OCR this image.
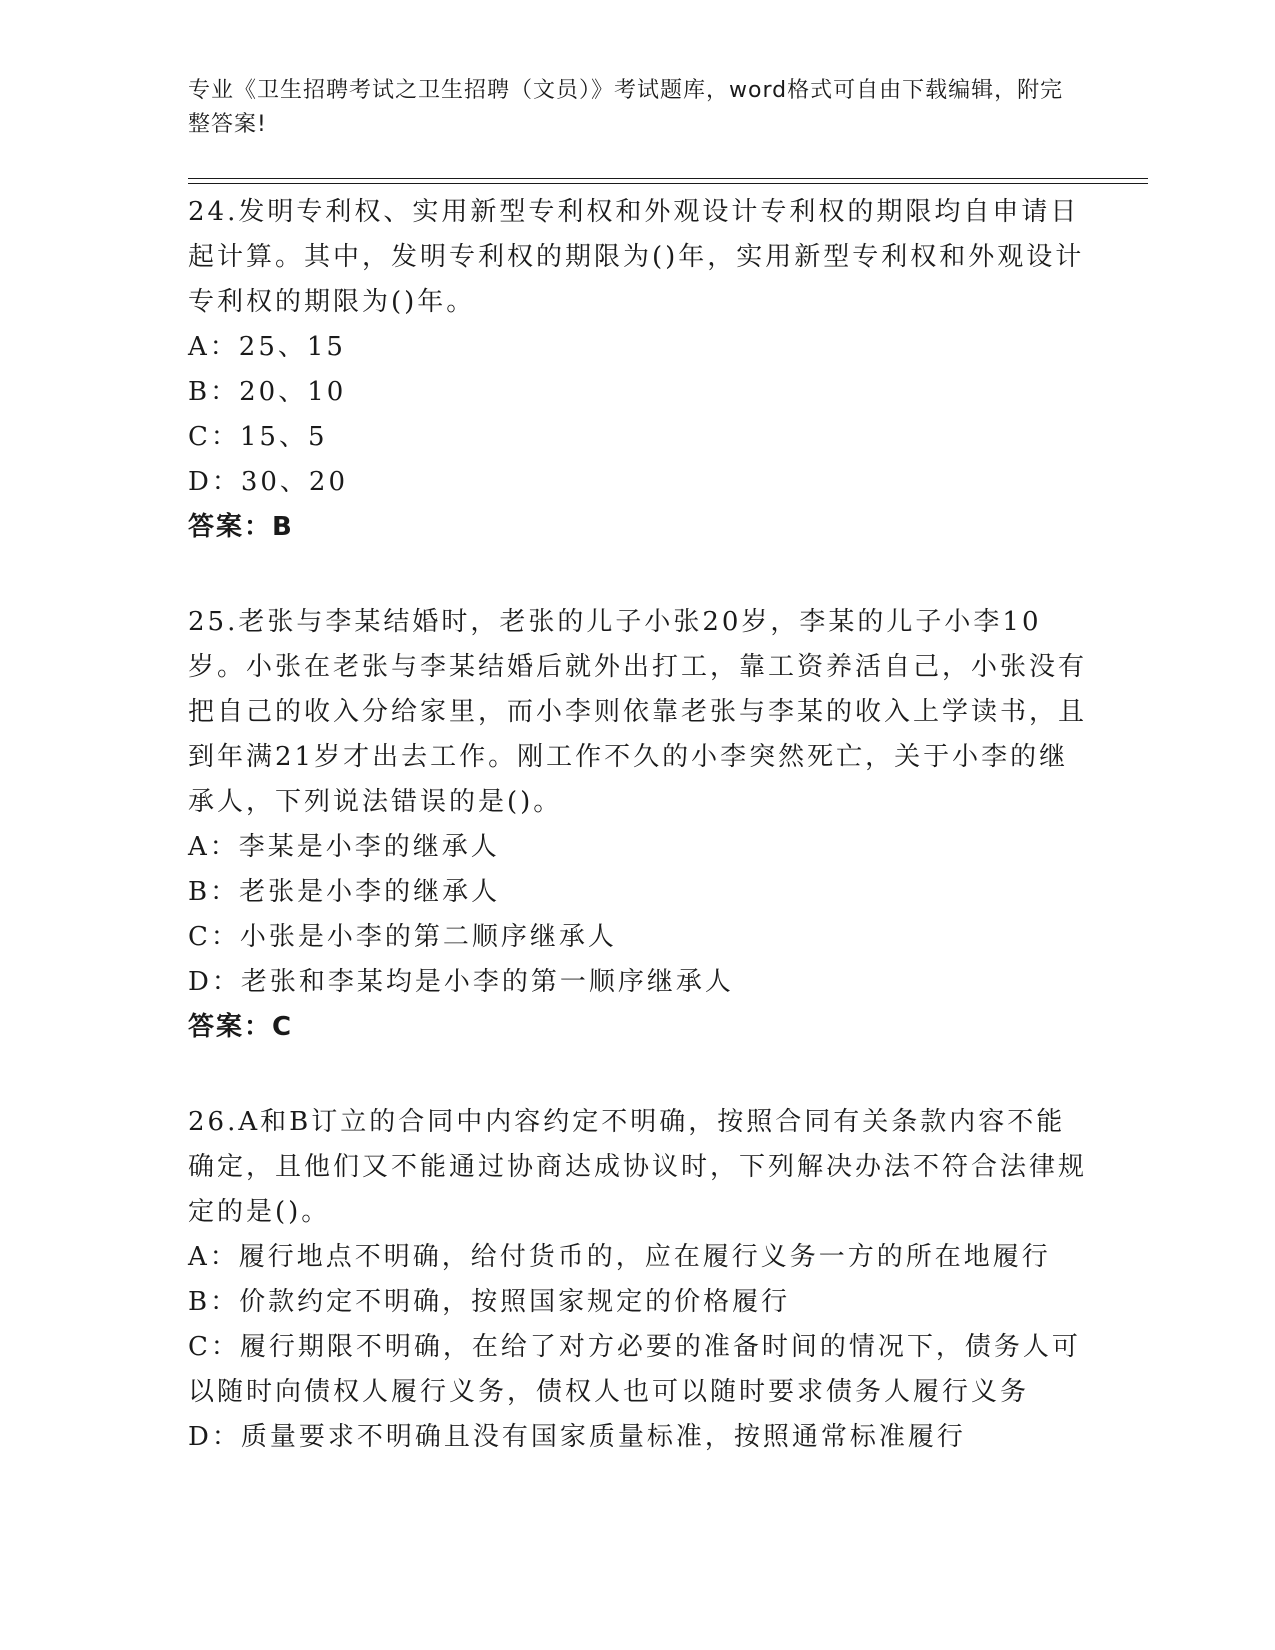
专业《卫生招聘考试之卫生招聘（文员）》考试题库，word格式可自由下载编辑，附完整答案!

24.发明专利权、实用新型专利权和外观设计专利权的期限均自申请日起计算。其中，发明专利权的期限为()年，实用新型专利权和外观设计专利权的期限为()年。

A：25、15

B：20、10

C：15、5

D：30、20

答案：B

25.老张与李某结婚时，老张的儿子小张20岁，李某的儿子小李10岁。小张在老张与李某结婚后就外出打工，靠工资养活自己，小张没有把自己的收入分给家里，而小李则依靠老张与李某的收入上学读书，且到年满21岁才出去工作。刚工作不久的小李突然死亡，关于小李的继承人，下列说法错误的是()。

A：李某是小李的继承人

B：老张是小李的继承人

C：小张是小李的第二顺序继承人

D：老张和李某均是小李的第一顺序继承人

答案：C

26.A和B订立的合同中内容约定不明确，按照合同有关条款内容不能确定，且他们又不能通过协商达成协议时，下列解决办法不符合法律规定的是()。

A：履行地点不明确，给付货币的，应在履行义务一方的所在地履行

B：价款约定不明确，按照国家规定的价格履行

C：履行期限不明确，在给了对方必要的准备时间的情况下，债务人可以随时向债权人履行义务，债权人也可以随时要求债务人履行义务

D：质量要求不明确且没有国家质量标准，按照通常标准履行
